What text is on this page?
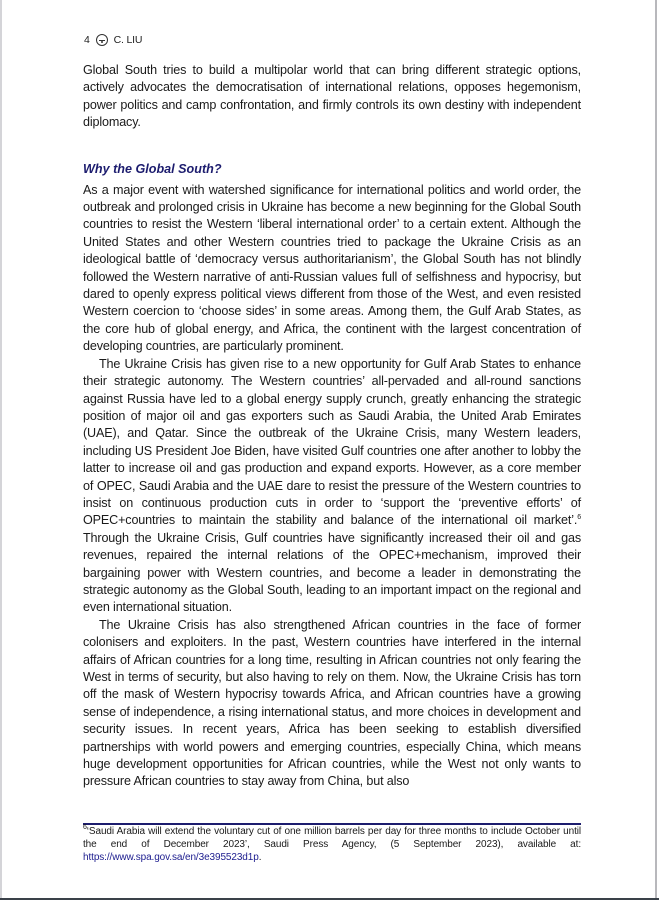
4 C. LIU

Global South tries to build a multipolar world that can bring different strategic options, actively advocates the democratisation of international relations, opposes hegemonism, power politics and camp confrontation, and firmly controls its own destiny with independent diplomacy.

Why the Global South?

As a major event with watershed significance for international politics and world order, the outbreak and prolonged crisis in Ukraine has become a new beginning for the Global South countries to resist the Western ‘liberal international order’ to a certain extent. Although the United States and other Western countries tried to package the Ukraine Crisis as an ideological battle of ‘democracy versus authoritarianism’, the Global South has not blindly followed the Western narrative of anti-Russian values full of selfishness and hypocrisy, but dared to openly express political views different from those of the West, and even resisted Western coercion to ‘choose sides’ in some areas. Among them, the Gulf Arab States, as the core hub of global energy, and Africa, the continent with the largest concentration of developing countries, are particularly prominent.

The Ukraine Crisis has given rise to a new opportunity for Gulf Arab States to enhance their strategic autonomy. The Western countries’ all-pervaded and all-round sanctions against Russia have led to a global energy supply crunch, greatly enhancing the strategic position of major oil and gas exporters such as Saudi Arabia, the United Arab Emirates (UAE), and Qatar. Since the outbreak of the Ukraine Crisis, many Western leaders, including US President Joe Biden, have visited Gulf countries one after another to lobby the latter to increase oil and gas production and expand exports. However, as a core member of OPEC, Saudi Arabia and the UAE dare to resist the pressure of the Western countries to insist on continuous production cuts in order to ‘support the ‘preventive efforts’ of OPEC+countries to maintain the stability and balance of the international oil market’.$^6$ Through the Ukraine Crisis, Gulf countries have significantly increased their oil and gas revenues, repaired the internal relations of the OPEC+mechanism, improved their bargaining power with Western countries, and become a leader in demonstrating the strategic autonomy as the Global South, leading to an important impact on the regional and even international situation.

The Ukraine Crisis has also strengthened African countries in the face of former colonisers and exploiters. In the past, Western countries have interfered in the internal affairs of African countries for a long time, resulting in African countries not only fearing the West in terms of security, but also having to rely on them. Now, the Ukraine Crisis has torn off the mask of Western hypocrisy towards Africa, and African countries have a growing sense of independence, a rising international status, and more choices in development and security issues. In recent years, Africa has been seeking to establish diversified partnerships with world powers and emerging countries, especially China, which means huge development opportunities for African countries, while the West not only wants to pressure African countries to stay away from China, but also

$^6$‘Saudi Arabia will extend the voluntary cut of one million barrels per day for three months to include October until the end of December 2023’, Saudi Press Agency, (5 September 2023), available at: https://www.spa.gov.sa/en/3e395523d1p.
